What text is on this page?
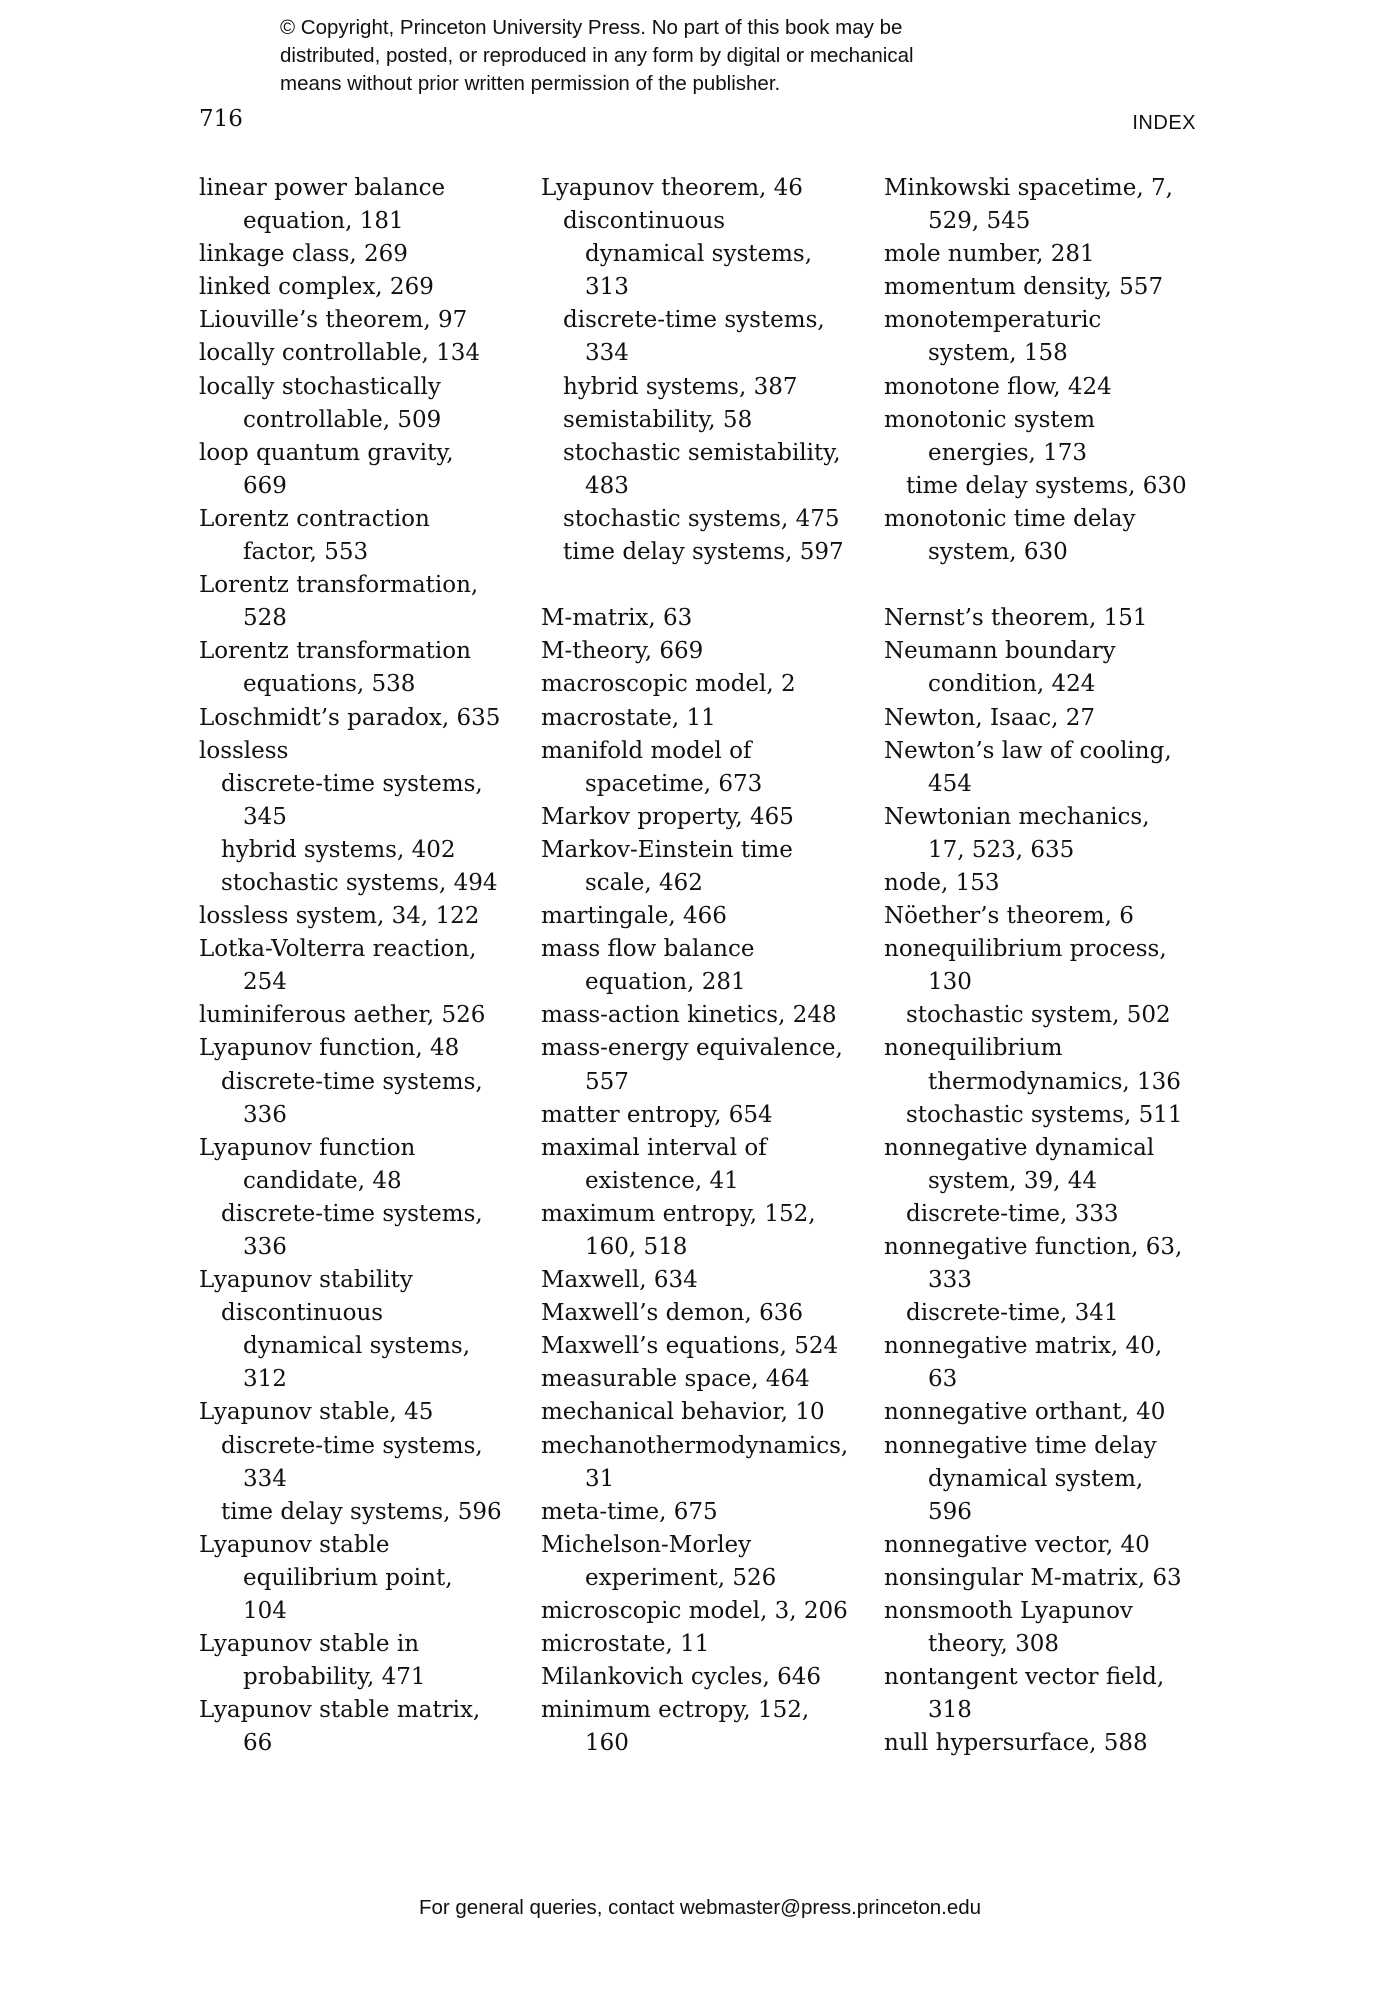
© Copyright, Princeton University Press. No part of this book may be
distributed, posted, or reproduced in any form by digital or mechanical
means without prior written permission of the publisher.
716	INDEX
linear power balance
equation, 181
linkage class, 269
linked complex, 269
Liouville’s theorem, 97
locally controllable, 134
locally stochastically
controllable, 509
loop quantum gravity,
669
Lorentz contraction
factor, 553
Lorentz transformation,
528
Lorentz transformation
equations, 538
Loschmidt’s paradox, 635
lossless
discrete-time systems,
345
hybrid systems, 402
stochastic systems, 494
lossless system, 34, 122
Lotka-Volterra reaction,
254
luminiferous aether, 526
Lyapunov function, 48
discrete-time systems,
336
Lyapunov function
candidate, 48
discrete-time systems,
336
Lyapunov stability
discontinuous
dynamical systems,
312
Lyapunov stable, 45
discrete-time systems,
334
time delay systems, 596
Lyapunov stable
equilibrium point,
104
Lyapunov stable in
probability, 471
Lyapunov stable matrix,
66
Lyapunov theorem, 46
discontinuous
dynamical systems,
313
discrete-time systems,
334
hybrid systems, 387
semistability, 58
stochastic semistability,
483
stochastic systems, 475
time delay systems, 597
M-matrix, 63
M-theory, 669
macroscopic model, 2
macrostate, 11
manifold model of
spacetime, 673
Markov property, 465
Markov-Einstein time
scale, 462
martingale, 466
mass flow balance
equation, 281
mass-action kinetics, 248
mass-energy equivalence,
557
matter entropy, 654
maximal interval of
existence, 41
maximum entropy, 152,
160, 518
Maxwell, 634
Maxwell’s demon, 636
Maxwell’s equations, 524
measurable space, 464
mechanical behavior, 10
mechanothermodynamics,
31
meta-time, 675
Michelson-Morley
experiment, 526
microscopic model, 3, 206
microstate, 11
Milankovich cycles, 646
minimum ectropy, 152,
160
Minkowski spacetime, 7,
529, 545
mole number, 281
momentum density, 557
monotemperaturic
system, 158
monotone flow, 424
monotonic system
energies, 173
time delay systems, 630
monotonic time delay
system, 630
Nernst’s theorem, 151
Neumann boundary
condition, 424
Newton, Isaac, 27
Newton’s law of cooling,
454
Newtonian mechanics,
17, 523, 635
node, 153
Nöether’s theorem, 6
nonequilibrium process,
130
stochastic system, 502
nonequilibrium
thermodynamics, 136
stochastic systems, 511
nonnegative dynamical
system, 39, 44
discrete-time, 333
nonnegative function, 63,
333
discrete-time, 341
nonnegative matrix, 40,
63
nonnegative orthant, 40
nonnegative time delay
dynamical system,
596
nonnegative vector, 40
nonsingular M-matrix, 63
nonsmooth Lyapunov
theory, 308
nontangent vector field,
318
null hypersurface, 588
For general queries, contact webmaster@press.princeton.edu
